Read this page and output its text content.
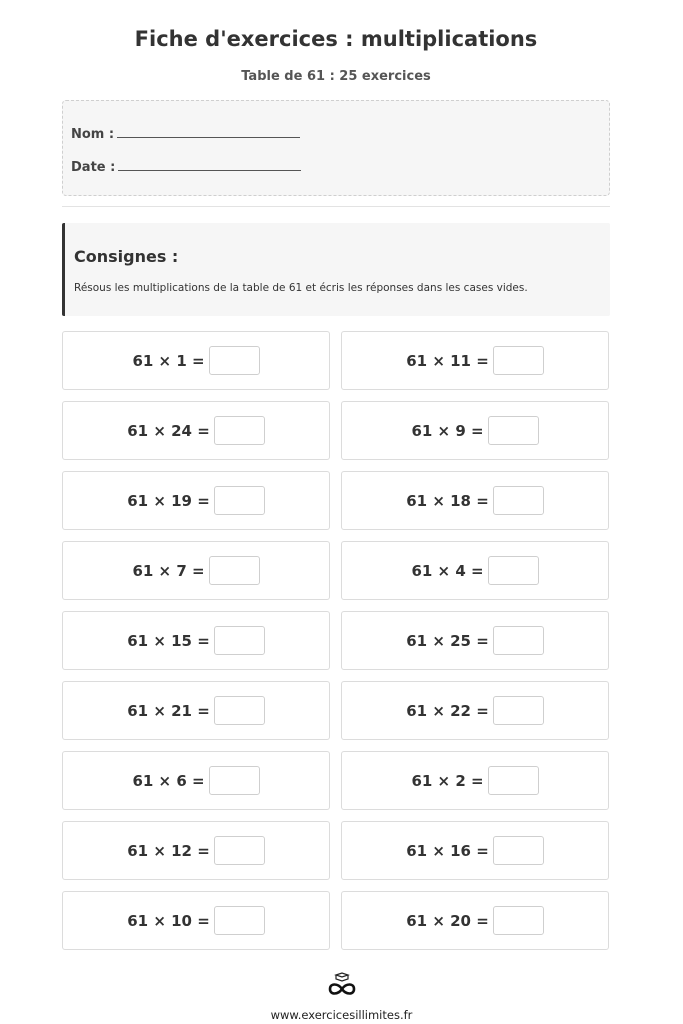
Fiche d'exercices : multiplications
Table de 61 : 25 exercices
Nom :
Date :
Consignes :

Résous les multiplications de la table de 61 et écris les réponses dans les cases vides.

61 × 1 =	61 × 11 =
61 × 24 =	61 × 9 =
61 × 19 =	61 × 18 =
61 × 7 =	61 × 4 =
61 × 15 =	61 × 25 =
61 × 21 =	61 × 22 =
61 × 6 =	61 × 2 =
61 × 12 =	61 × 16 =
61 × 10 =	61 × 20 =
www.exercicesillimites.fr
